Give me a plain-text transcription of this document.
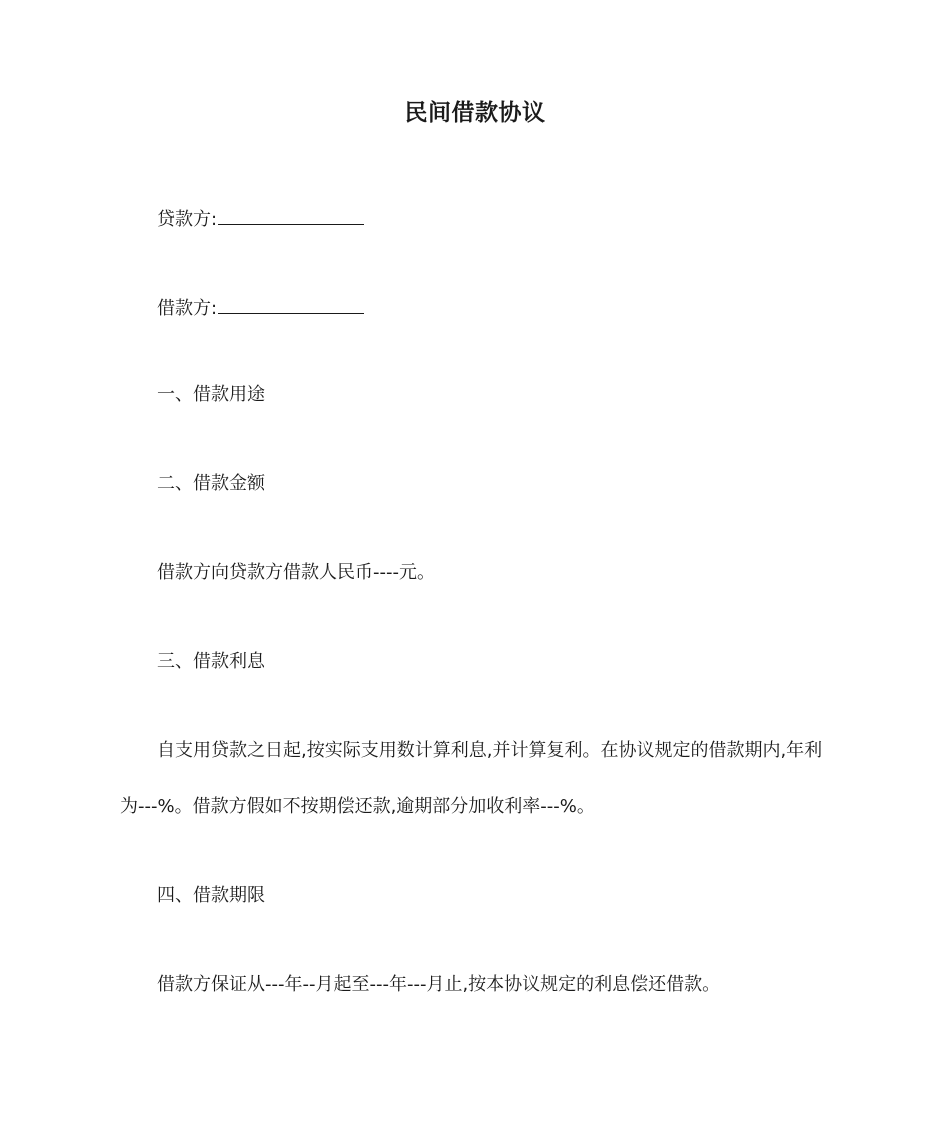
民间借款协议

贷款方:

借款方:

一、借款用途

二、借款金额

借款方向贷款方借款人民币----元。

三、借款利息

自支用贷款之日起,按实际支用数计算利息,并计算复利。在协议规定的借款期内,年利

为---%。借款方假如不按期偿还款,逾期部分加收利率---%。

四、借款期限

借款方保证从---年--月起至---年---月止,按本协议规定的利息偿还借款。
